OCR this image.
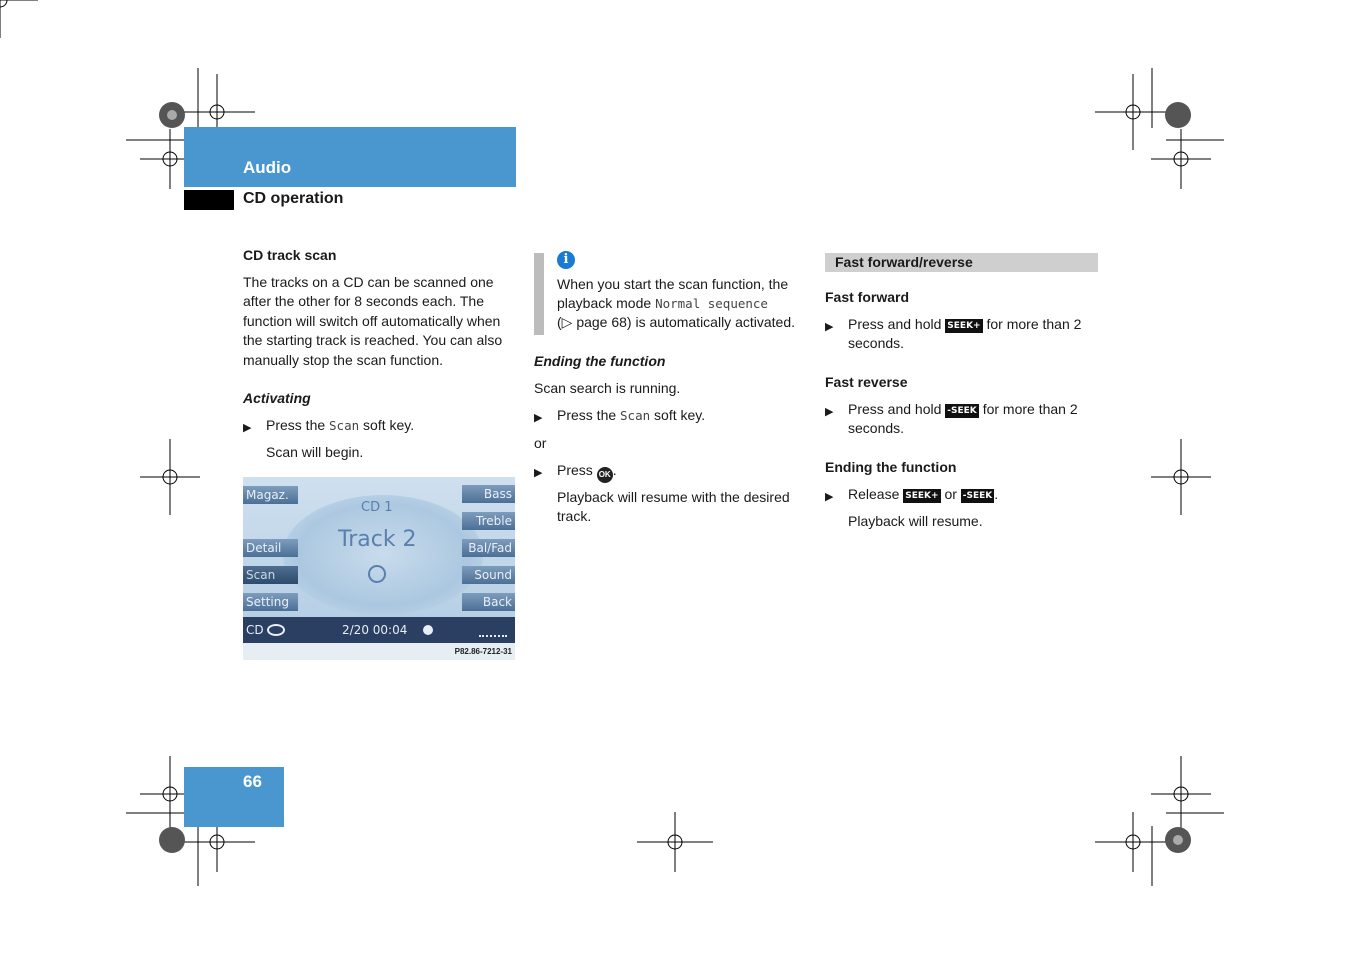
Audio
CD operation
66
CD track scan
The tracks on a CD can be scanned one after the other for 8 seconds each. The function will switch off automatically when the starting track is reached. You can also manually stop the scan function.
Activating
▶ Press the Scan soft key.
Scan will begin.
Magaz.
Detail
Scan
Setting
Bass
Treble
Bal/Fad
Sound
Back
CD 1
Track 2
CD	2/20 00:04
P82.86-7212-31
i
When you start the scan function, the
playback mode Normal sequence
(▷ page 68) is automatically activated.
Ending the function
Scan search is running.
▶ Press the Scan soft key.
or
▶ Press OK .
Playback will resume with the desired
track.
Fast forward/reverse
Fast forward
▶ Press and hold SEEK+ for more than 2
seconds.
Fast reverse
▶ Press and hold -SEEK for more than 2
seconds.
Ending the function
▶ Release SEEK+ or -SEEK .
Playback will resume.
